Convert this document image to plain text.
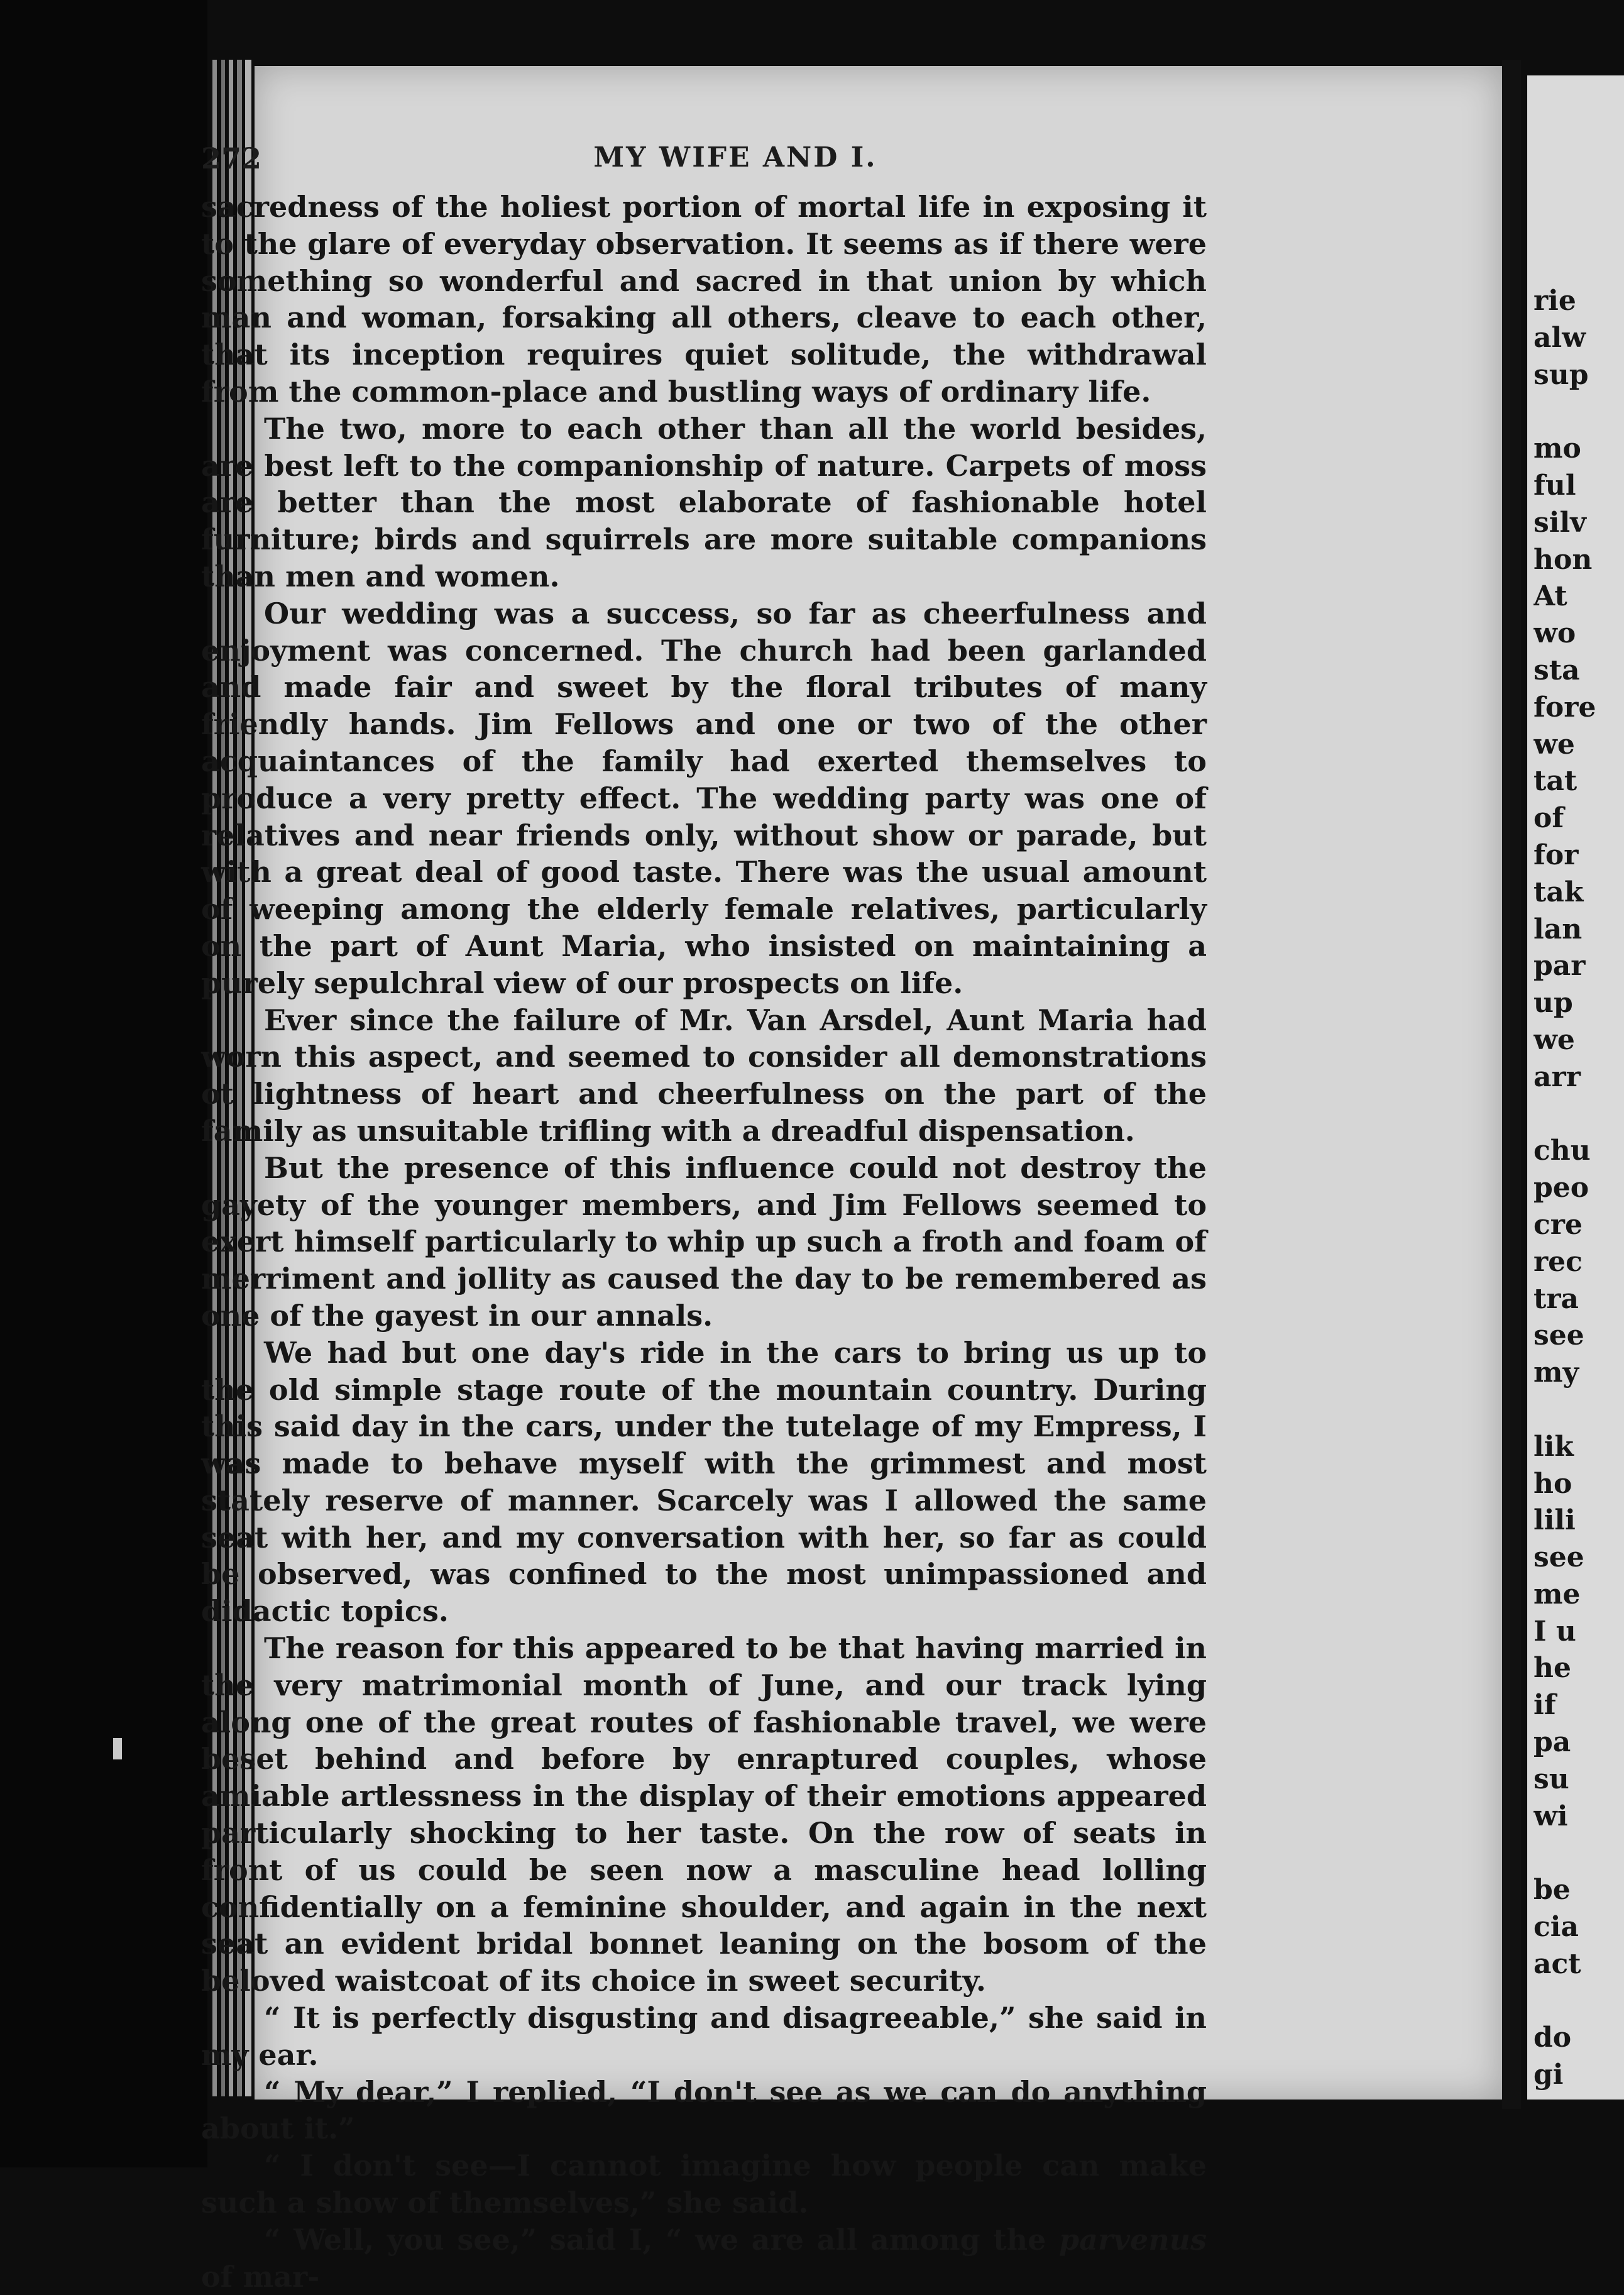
272	MY WIFE AND I.

sacredness of the holiest portion of mortal life in exposing it to the glare of everyday observation. It seems as if there were something so wonderful and sacred in that union by which man and woman, forsaking all others, cleave to each other, that its inception requires quiet solitude, the withdrawal from the common-place and bustling ways of ordinary life.

The two, more to each other than all the world besides, are best left to the companionship of nature. Carpets of moss are better than the most elaborate of fashionable hotel furniture; birds and squirrels are more suitable companions than men and women.

Our wedding was a success, so far as cheerfulness and enjoyment was concerned. The church had been garlanded and made fair and sweet by the floral tributes of many friendly hands. Jim Fellows and one or two of the other acquaintances of the family had exerted themselves to produce a very pretty effect. The wedding party was one of relatives and near friends only, without show or parade, but with a great deal of good taste. There was the usual amount of weeping among the elderly female relatives, particularly on the part of Aunt Maria, who insisted on maintaining a purely sepulchral view of our prospects on life.

Ever since the failure of Mr. Van Arsdel, Aunt Maria had worn this aspect, and seemed to consider all demonstrations ot lightness of heart and cheerfulness on the part of the family as unsuitable trifling with a dreadful dispensation.

But the presence of this influence could not destroy the gayety of the younger members, and Jim Fellows seemed to exert himself particularly to whip up such a froth and foam of merriment and jollity as caused the day to be remembered as one of the gayest in our annals.

We had but one day's ride in the cars to bring us up to the old simple stage route of the mountain country. During this said day in the cars, under the tutelage of my Empress, I was made to behave myself with the grimmest and most stately reserve of manner. Scarcely was I allowed the same seat with her, and my conversation with her, so far as could be observed, was confined to the most unimpassioned and didactic topics.

The reason for this appeared to be that having married in the very matrimonial month of June, and our track lying along one of the great routes of fashionable travel, we were beset behind and before by enraptured couples, whose amiable artlessness in the display of their emotions appeared particularly shocking to her taste. On the row of seats in front of us could be seen now a masculine head lolling confidentially on a feminine shoulder, and again in the next seat an evident bridal bonnet leaning on the bosom of the beloved waistcoat of its choice in sweet security.

“ It is perfectly disgusting and disagreeable,” she said in my ear.

“ My dear,” I replied, “I don't see as we can do anything about it.”

“ I don't see—I cannot imagine how people can make such a show of themselves,” she said.

“ Well, you see,” said I, “ we are all among the parvenus of mar-

rie
alw
sup
mo
ful
silv
hon
At
wo
sta
fore
we
tat
of
for
tak
lan
par
up
we
arr
chu
peo
cre
rec
tra
see
my
lik
ho
lili
see
me
I u
he
if
pa
su
wi
be
cia
act
do
gi
